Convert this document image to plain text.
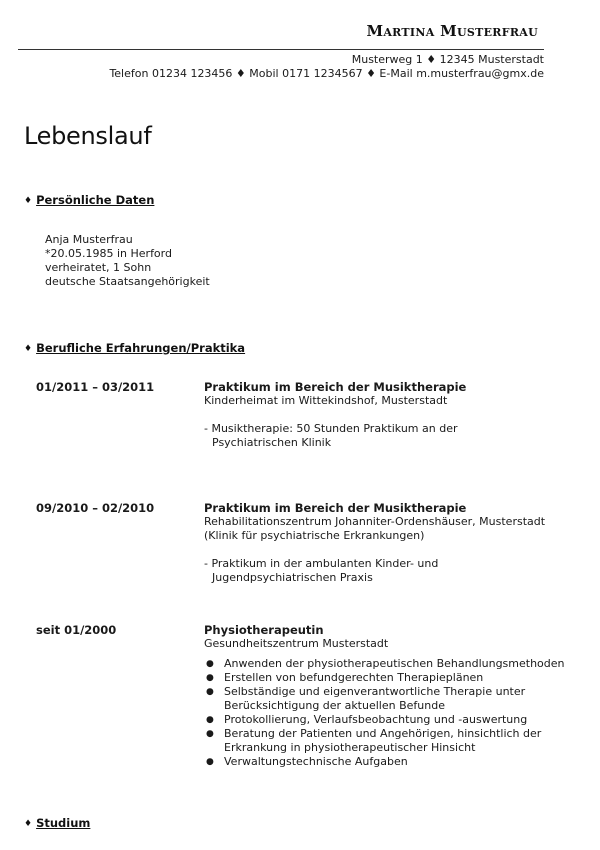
Martina Musterfrau
Musterweg 1 ♦ 12345 Musterstadt
Telefon 01234 123456 ♦ Mobil 0171 1234567 ♦ E-Mail m.musterfrau@gmx.de
Lebenslauf
♦ Persönliche Daten
Anja Musterfrau
*20.05.1985 in Herford
verheiratet, 1 Sohn
deutsche Staatsangehörigkeit
♦ Berufliche Erfahrungen/Praktika
01/2011 – 03/2011	Praktikum im Bereich der Musiktherapie
Kinderheimat im Wittekindshof, Musterstadt
- Musiktherapie: 50 Stunden Praktikum an der
Psychiatrischen Klinik
09/2010 – 02/2010	Praktikum im Bereich der Musiktherapie
Rehabilitationszentrum Johanniter-Ordenshäuser, Musterstadt
(Klinik für psychiatrische Erkrankungen)
- Praktikum in der ambulanten Kinder- und
Jugendpsychiatrischen Praxis
seit 01/2000	Physiotherapeutin
Gesundheitszentrum Musterstadt
● Anwenden der physiotherapeutischen Behandlungsmethoden
● Erstellen von befundgerechten Therapieplänen
● Selbständige und eigenverantwortliche Therapie unter Berücksichtigung der aktuellen Befunde
● Protokollierung, Verlaufsbeobachtung und -auswertung
● Beratung der Patienten und Angehörigen, hinsichtlich der Erkrankung in physiotherapeutischer Hinsicht
● Verwaltungstechnische Aufgaben
♦ Studium
